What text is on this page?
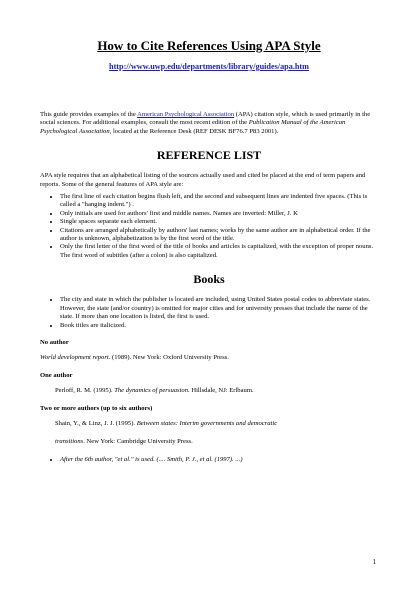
How to Cite References Using APA Style
http://www.uwp.edu/departments/library/guides/apa.htm

This guide provides examples of the American Psychological Association (APA) citation style, which is used primarily in the social sciences. For additional examples, consult the most recent edition of the Publication Manual of the American Psychological Association, located at the Reference Desk (REF DESK BF76.7 P83 2001).

REFERENCE LIST

APA style requires that an alphabetical listing of the sources actually used and cited be placed at the end of term papers and reports. Some of the general features of APA style are:

• The first line of each citation begins flush left, and the second and subsequent lines are indented five spaces. (This is called a "hanging indent.") .
• Only initials are used for authors' first and middle names. Names are inverted: Miller, J. K
• Single spaces separate each element.
• Citations are arranged alphabetically by authors' last names; works by the same author are in alphabetical order. If the author is unknown, alphabetization is by the first word of the title.
• Only the first letter of the first word of the title of books and articles is capitalized, with the exception of proper nouns. The first word of subtitles (after a colon) is also capitalized.
Books
• The city and state in which the publisher is located are included, using United States postal codes to abbreviate states. However, the state (and/or country) is omitted for major cities and for university presses that include the name of the state. If more than one location is listed, the first is used.
• Book titles are italicized.

No author

World development report. (1989). New York: Oxford University Press.

One author

Perloff, R. M. (1995). The dynamics of persuasion. Hillsdale, NJ: Erlbaum.

Two or more authors (up to six authors)

Shain, Y., & Linz, J. J. (1995). Between states: Interim governments and democratic

transitions. New York: Cambridge University Press.

• After the 6th author, "et al." is used. (.... Smith, P. J., et al. (1997). ...)
1
